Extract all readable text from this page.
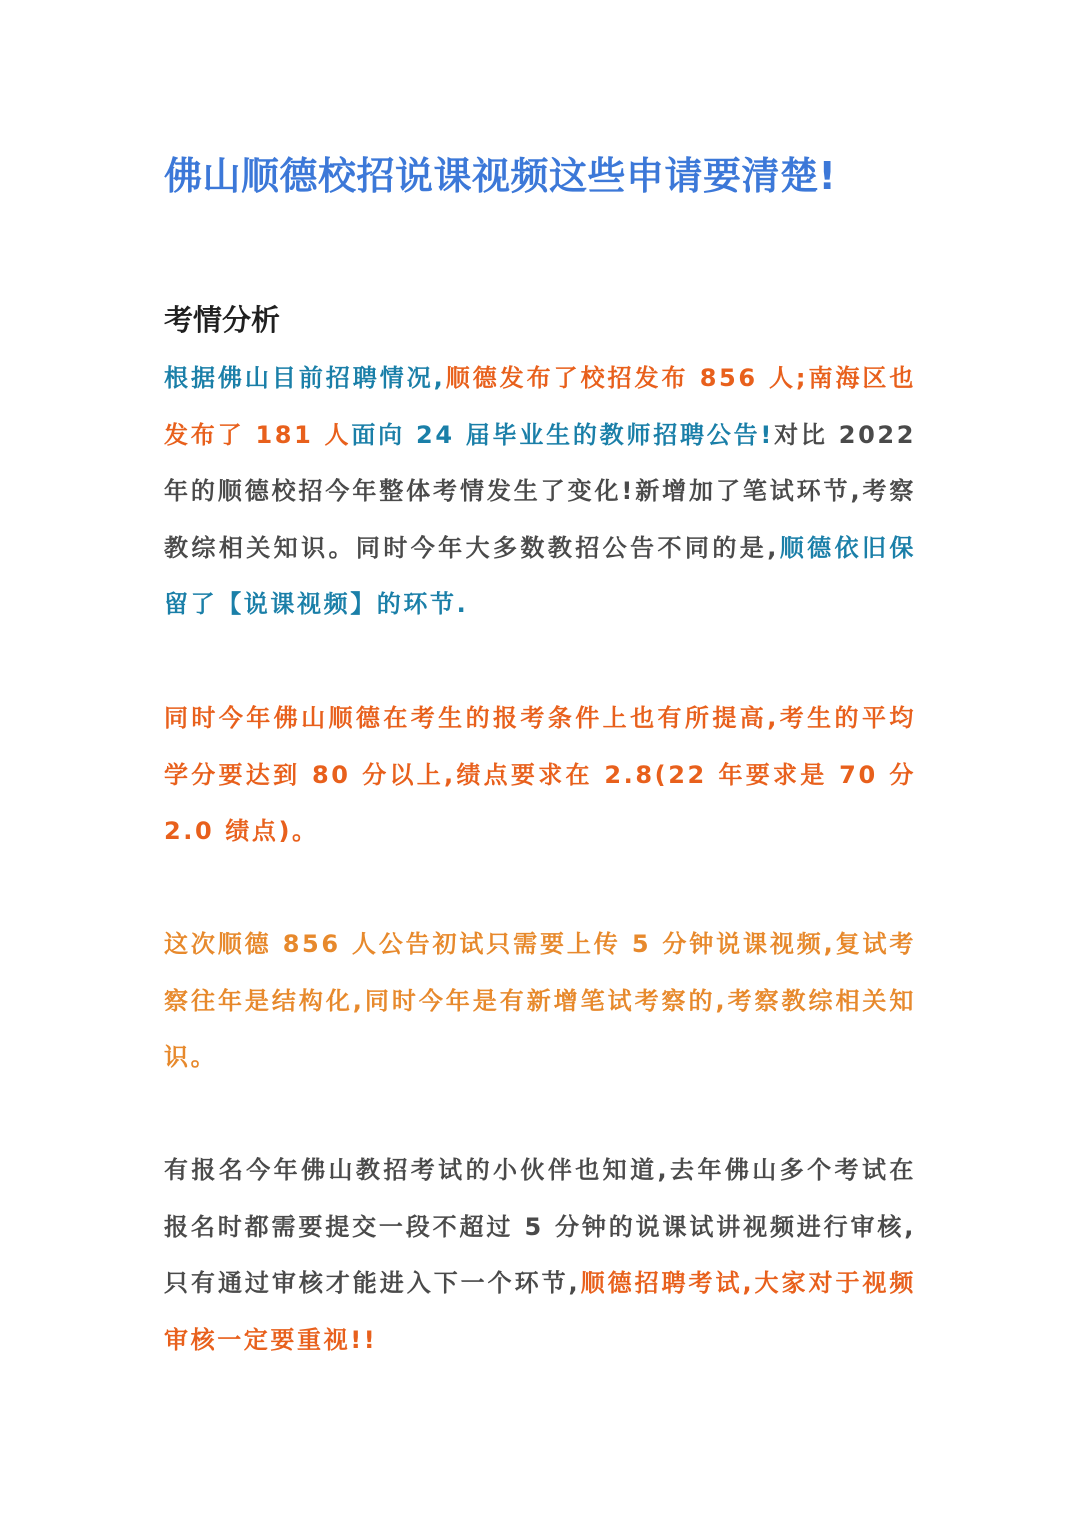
佛山顺德校招说课视频这些申请要清楚!
考情分析
根据佛山目前招聘情况,顺德发布了校招发布 856 人;南海区也发布了 181 人面向 24 届毕业生的教师招聘公告!对比 2022 年的顺德校招今年整体考情发生了变化!新增加了笔试环节,考察教综相关知识。同时今年大多数教招公告不同的是,顺德依旧保留了【说课视频】的环节.
同时今年佛山顺德在考生的报考条件上也有所提高,考生的平均学分要达到 80 分以上,绩点要求在 2.8(22 年要求是 70 分 2.0 绩点)。
这次顺德 856 人公告初试只需要上传 5 分钟说课视频,复试考察往年是结构化,同时今年是有新增笔试考察的,考察教综相关知识。
有报名今年佛山教招考试的小伙伴也知道,去年佛山多个考试在报名时都需要提交一段不超过 5 分钟的说课试讲视频进行审核,只有通过审核才能进入下一个环节,顺德招聘考试,大家对于视频审核一定要重视!!
